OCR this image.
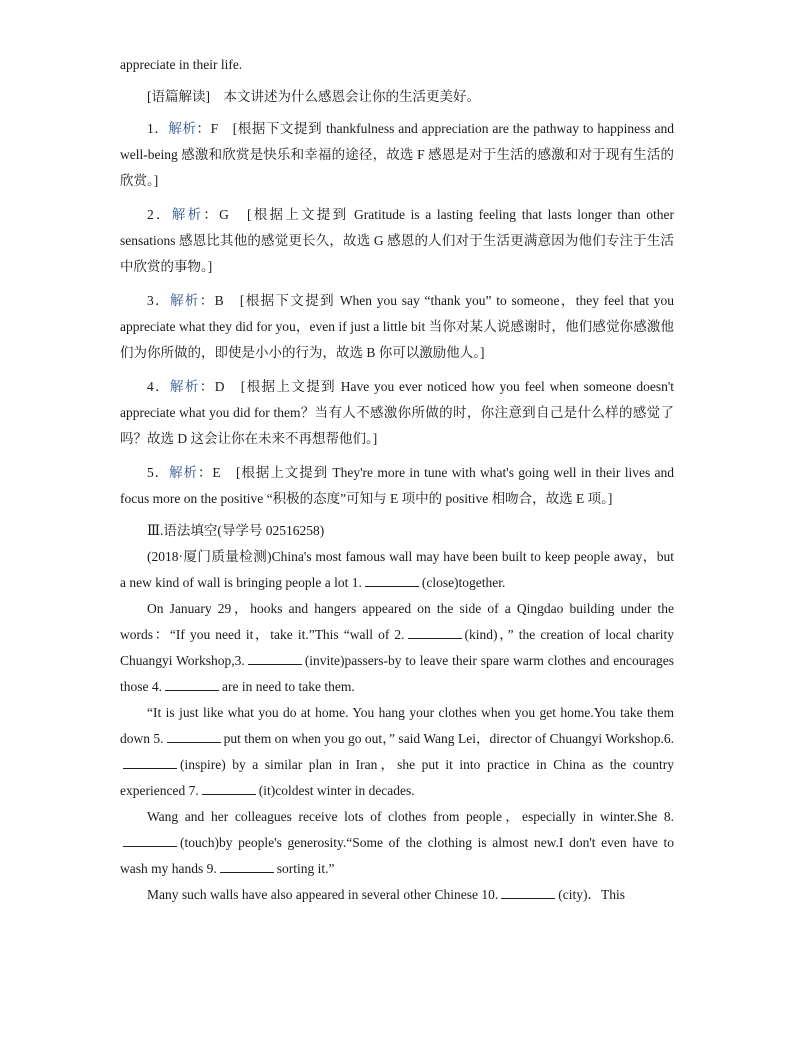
appreciate in their life.

[语篇解读]　本文讲述为什么感恩会让你的生活更美好。

1．解析：F　[根据下文提到 thankfulness and appreciation are the pathway to happiness and well-being 感激和欣赏是快乐和幸福的途径，故选 F 感恩是对于生活的感激和对于现有生活的欣赏。]

2．解析：G　[根据上文提到 Gratitude is a lasting feeling that lasts longer than other sensations 感恩比其他的感觉更长久，故选 G 感恩的人们对于生活更满意因为他们专注于生活中欣赏的事物。]

3．解析：B　[根据下文提到 When you say “thank you” to someone，they feel that you appreciate what they did for you，even if just a little bit 当你对某人说感谢时，他们感觉你感激他们为你所做的，即使是小小的行为，故选 B 你可以激励他人。]

4．解析：D　[根据上文提到 Have you ever noticed how you feel when someone doesn't appreciate what you did for them？当有人不感激你所做的时，你注意到自己是什么样的感觉了吗？故选 D 这会让你在未来不再想帮他们。]

5．解析：E　[根据上文提到 They're more in tune with what's going well in their lives and focus more on the positive “积极的态度”可知与 E 项中的 positive 相吻合，故选 E 项。]

Ⅲ.语法填空(导学号 02516258)

(2018·厦门质量检测)China's most famous wall may have been built to keep people away，but a new kind of wall is bringing people a lot 1.	(close)together.

On January 29，hooks and hangers appeared on the side of a Qingdao building under the words：“If you need it，take it.”This “wall of 2.	(kind)，” the creation of local charity Chuangyi Workshop,3.	(invite)passers-by to leave their spare warm clothes and encourages those 4.	are in need to take them.

“It is just like what you do at home. You hang your clothes when you get home.You take them down 5.	put them on when you go out，” said Wang Lei，director of Chuangyi Workshop.6.(inspire) by a similar plan in Iran，she put it into practice in China as the country experienced 7.	(it)coldest winter in decades.

Wang and her colleagues receive lots of clothes from people，especially in winter.She 8.(touch)by people's generosity.“Some of the clothing is almost new.I don't even have to wash my hands 9.	sorting it.”

Many such walls have also appeared in several other Chinese 10.	(city)．This
